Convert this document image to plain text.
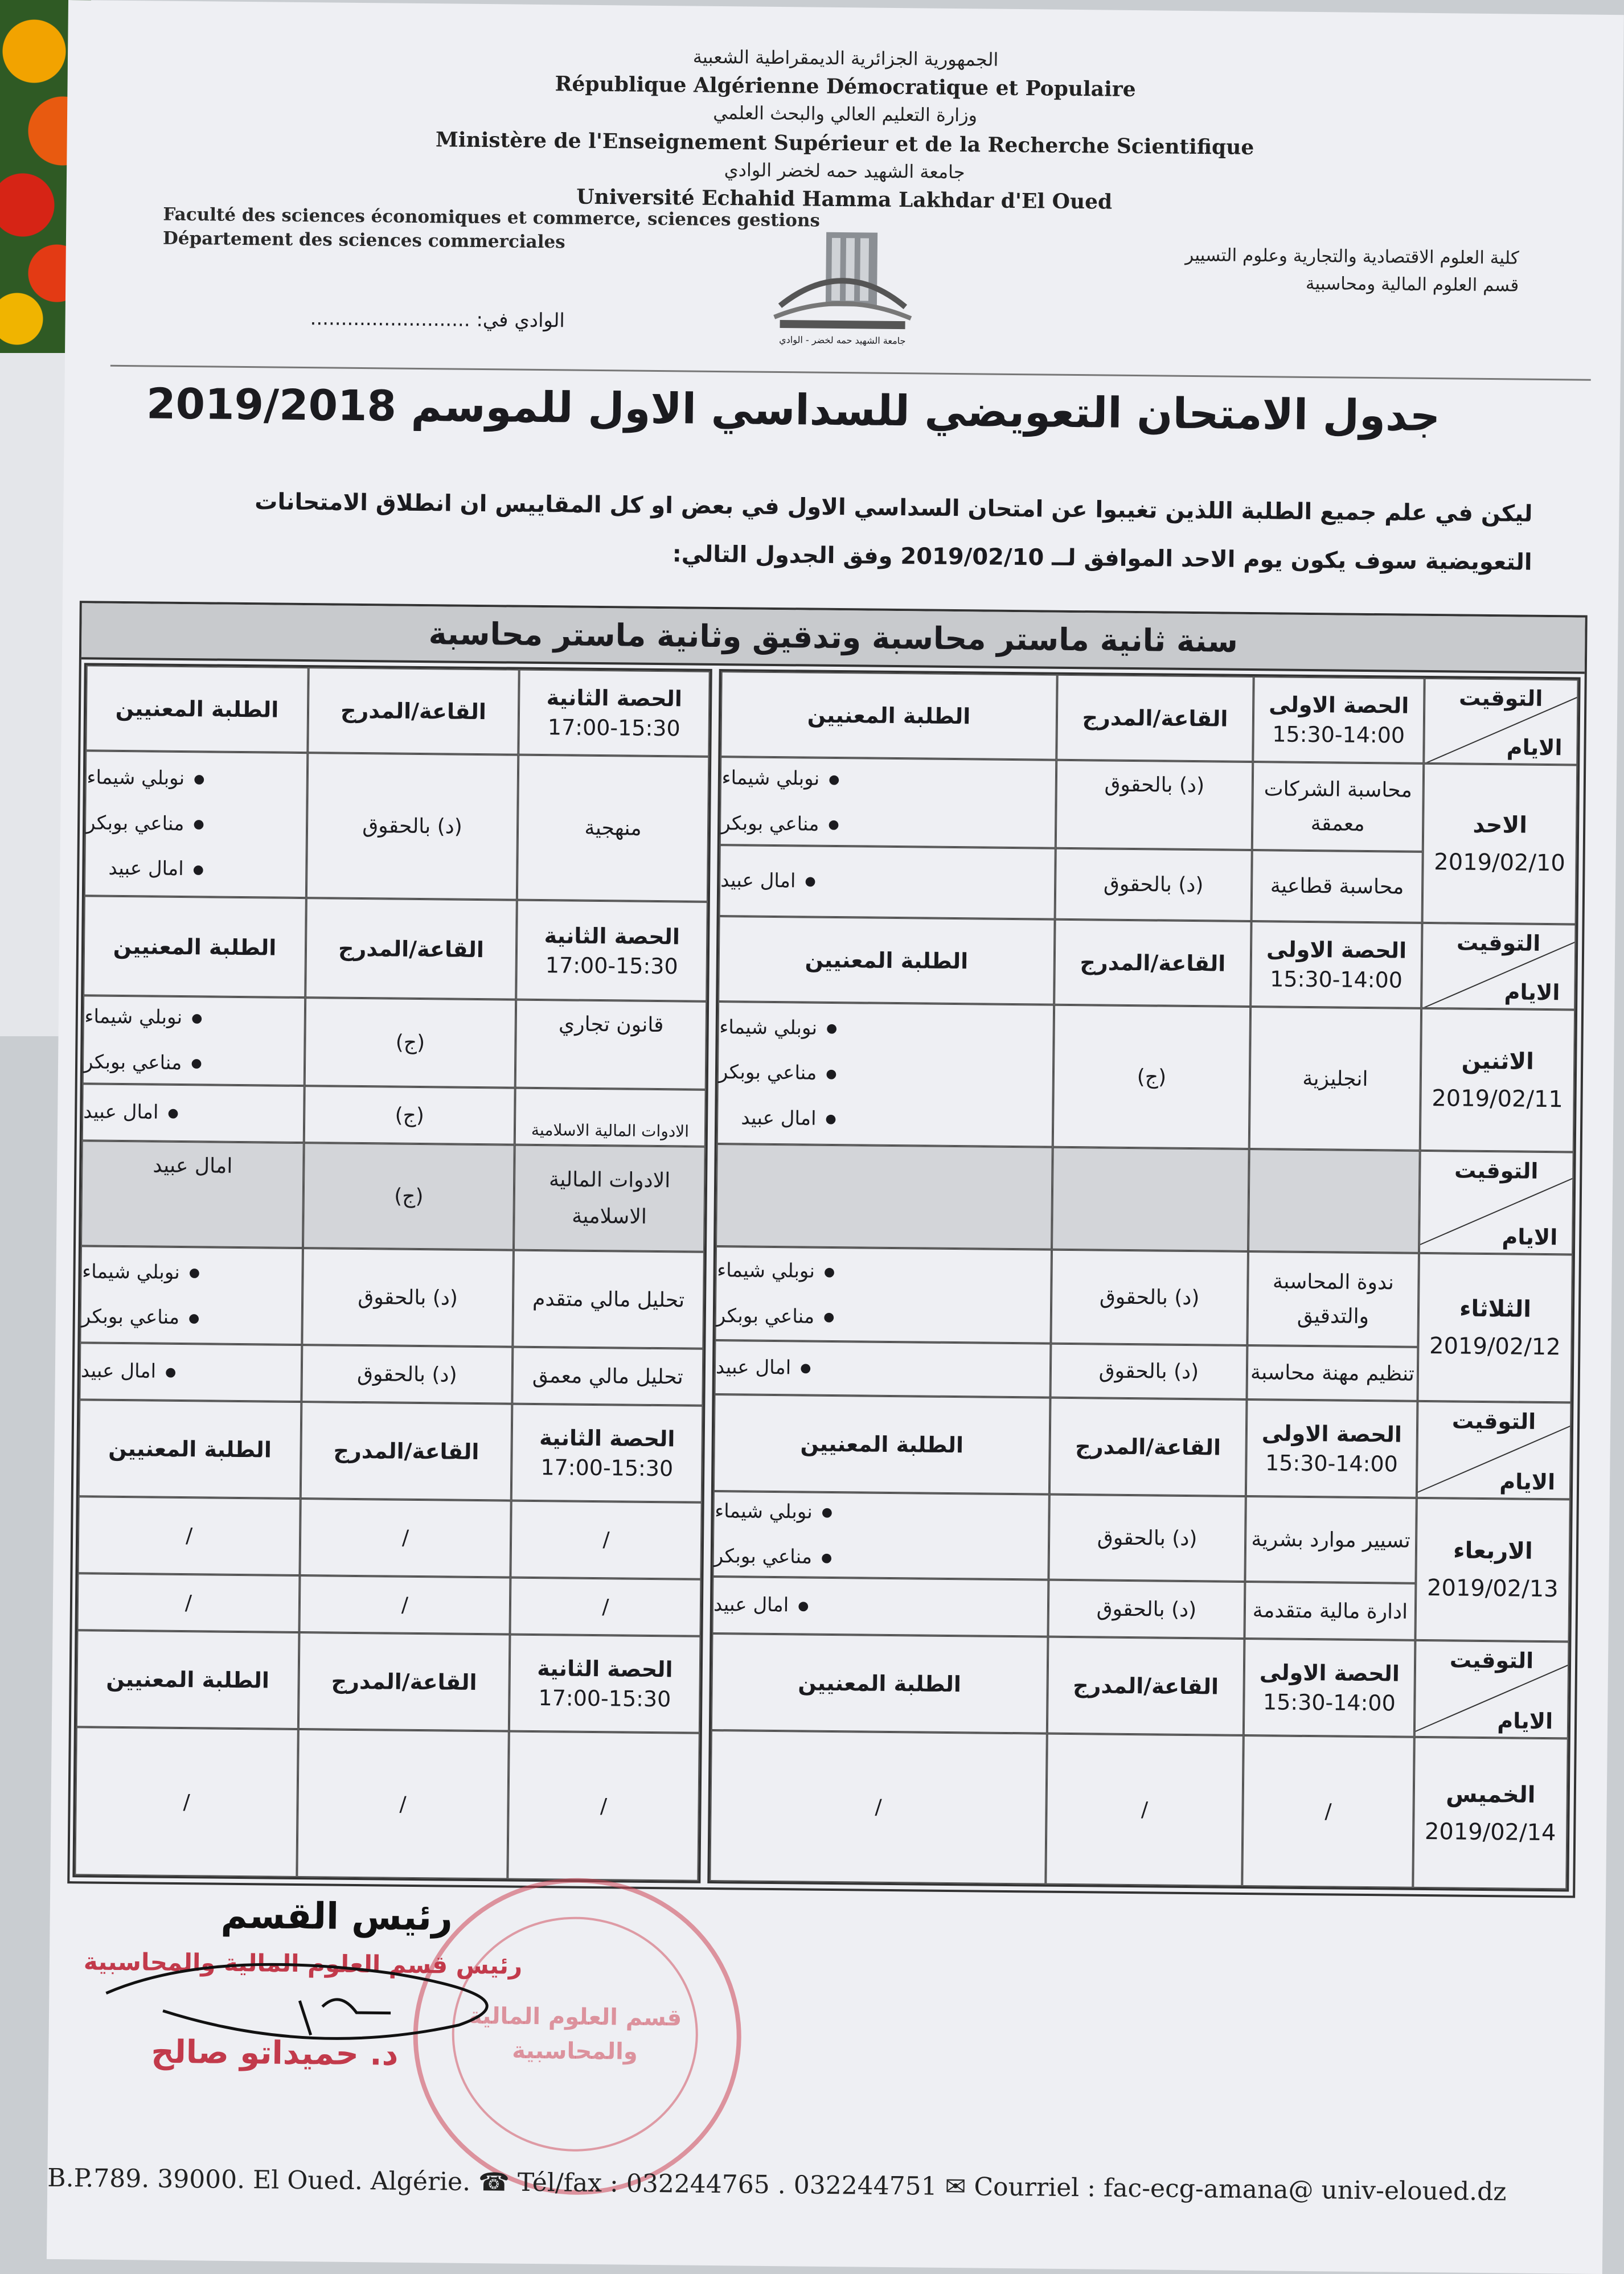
الجمهورية الجزائرية الديمقراطية الشعبية
République Algérienne Démocratique et Populaire
وزارة التعليم العالي والبحث العلمي
Ministère de l'Enseignement Supérieur et de la Recherche Scientifique
جامعة الشهيد حمه لخضر الوادي
Université Echahid Hamma Lakhdar d'El Oued
Faculté des sciences économiques et commerce, sciences gestions
Département des sciences commerciales
كلية العلوم الاقتصادية والتجارية وعلوم التسيير
قسم العلوم المالية ومحاسبية
جامعة الشهيد حمه لخضر - الوادي
الوادي في: ..........................
جدول الامتحان التعويضي للسداسي الاول للموسم 2019/2018
ليكن في علم جميع الطلبة اللذين تغيبوا عن امتحان السداسي الاول في بعض او كل المقاييس ان انطلاق الامتحانات
التعويضية سوف يكون يوم الاحد الموافق لــ 2019/02/10 وفق الجدول التالي:
سنة ثانية ماستر محاسبة وتدقيق وثانية ماستر محاسبة
التوقيت
الايام
الحصة الاولى
15:30-14:00
القاعة/المدرج
الطلبة المعنيين
الاحد
2019/02/10
محاسبة الشركات معمقة
(د) بالحقوق
● نوبلي شيماء
● مناعي بوبكر
محاسبة قطاعية
(د) بالحقوق
● امال عبيد
التوقيت
الايام
الحصة الاولى
15:30-14:00
القاعة/المدرج
الطلبة المعنيين
الاثنين
2019/02/11
انجليزية
(ج)
● نوبلي شيماء
● مناعي بوبكر
● امال عبيد
التوقيت
الايام
الثلاثاء
2019/02/12
ندوة المحاسبة والتدقيق
(د) بالحقوق
● نوبلي شيماء
● مناعي بوبكر
تنظيم مهنة محاسبة
(د) بالحقوق
● امال عبيد
التوقيت
الايام
الحصة الاولى
15:30-14:00
القاعة/المدرج
الطلبة المعنيين
الاربعاء
2019/02/13
تسيير موارد بشرية
(د) بالحقوق
● نوبلي شيماء
● مناعي بوبكر
ادارة مالية متقدمة
(د) بالحقوق
● امال عبيد
التوقيت
الايام
الحصة الاولى
15:30-14:00
القاعة/المدرج
الطلبة المعنيين
الخميس
2019/02/14
/
/
/
الحصة الثانية
17:00-15:30
القاعة/المدرج
الطلبة المعنيين
منهجية
(د) بالحقوق
● نوبلي شيماء
● مناعي بوبكر
● امال عبيد
الحصة الثانية
17:00-15:30
القاعة/المدرج
الطلبة المعنيين
قانون تجاري
(ج)
● نوبلي شيماء
● مناعي بوبكر
الادوات المالية الاسلامية
(ج)
● امال عبيد
الادوات المالية الاسلامية
(ج)
امال عبيد
تحليل مالي متقدم
(د) بالحقوق
● نوبلي شيماء
● مناعي بوبكر
تحليل مالي معمق
(د) بالحقوق
● امال عبيد
الحصة الثانية
17:00-15:30
القاعة/المدرج
الطلبة المعنيين
/
/
/
/
/
/
الحصة الثانية
17:00-15:30
القاعة/المدرج
الطلبة المعنيين
/
/
/
قسم العلوم المالية والمحاسبية
رئيس القسم
رئيس قسم العلوم المالية والمحاسبية
د. حميداتو صالح
B.P.789. 39000. El Oued. Algérie. ☎ Tél/fax : 032244765 . 032244751 ✉ Courriel : fac-ecg-amana@ univ-eloued.dz
